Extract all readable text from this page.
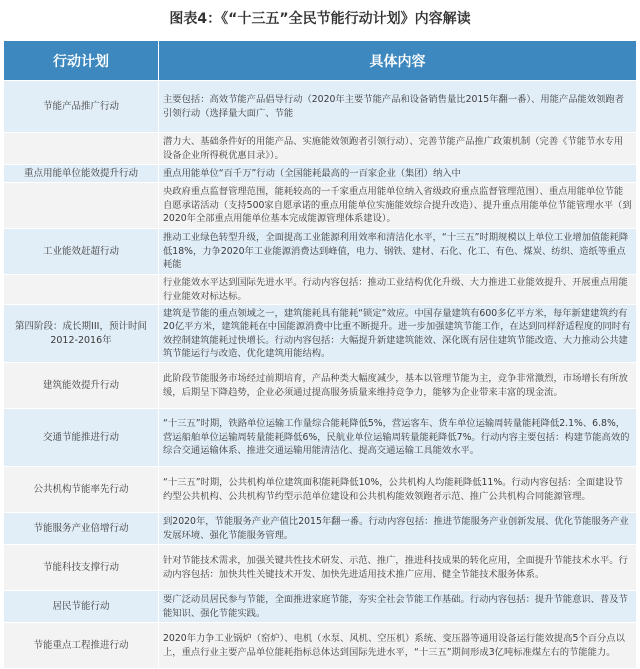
图表4：《“十三五”全民节能行动计划》内容解读
行动计划	具体内容
节能产品推广行动	主要包括：高效节能产品倡导行动（2020年主要节能产品和设备销售量比2015年翻一番）、用能产品能效领跑者引领行动（选择量大面广、节能
	潜力大、基础条件好的用能产品、实施能效领跑者引领行动）、完善节能产品推广政策机制（完善《节能节水专用设备企业所得税优惠目录》）。
重点用能单位能效提升行动	重点用能单位“百千万”行动（全国能耗最高的一百家企业（集团）纳入中
	央政府重点监督管理范围，能耗较高的一千家重点用能单位纳入省级政府重点监督管理范围）、重点用能单位节能自愿承诺活动（支持500家自愿承诺的重点用能单位实施能效综合提升改造）、提升重点用能单位节能管理水平（到2020年全部重点用能单位基本完成能源管理体系建设）。
工业能效赶超行动	推动工业绿色转型升级，全面提高工业能源利用效率和清洁化水平，“十三五”时期规模以上单位工业增加值能耗降低18%，力争2020年工业能源消费达到峰值，电力、钢铁、建材、石化、化工、有色、煤炭、纺织、造纸等重点耗能
	行业能效水平达到国际先进水平。行动内容包括：推动工业结构优化升级、大力推进工业能效提升、开展重点用能行业能效对标达标。
第四阶段：成长期III，预计时间2012-2016年	建筑是节能的重点领域之一，建筑能耗具有能耗“锁定”效应。中国存量建筑有600多亿平方米，每年新建建筑约有20亿平方米，建筑能耗在中国能源消费中比重不断提升。进一步加强建筑节能工作，在达到同样舒适程度的同时有效控制建筑能耗过快增长。行动内容包括：大幅提升新建建筑能效、深化既有居住建筑节能改造、大力推动公共建筑节能运行与改造、优化建筑用能结构。
建筑能效提升行动	此阶段节能服务市场经过前期培育，产品种类大幅度减少，基本以管理节能为主，竞争非常激烈，市场增长有所放缓，后期呈下降趋势，企业必须通过提高服务质量来维持竞争力，能够为企业带来丰富的现金流。
交通节能推进行动	“十三五”时期，铁路单位运输工作量综合能耗降低5%，营运客车、货车单位运输周转量能耗降低2.1%、6.8%，营运船舶单位运输周转量能耗降低6%，民航业单位运输周转量能耗降低7%。行动内容主要包括：构建节能高效的综合交通运输体系、推进交通运输用能清洁化、提高交通运输工具能效水平。
公共机构节能率先行动	“十三五”时期，公共机构单位建筑面积能耗降低10%，公共机构人均能耗降低11%。行动内容包括：全面建设节约型公共机构、公共机构节约型示范单位建设和公共机构能效领跑者示范、推广公共机构合同能源管理。
节能服务产业倍增行动	到2020年，节能服务产业产值比2015年翻一番。行动内容包括：推进节能服务产业创新发展、优化节能服务产业发展环境、强化节能服务管理。
节能科技支撑行动	针对节能技术需求，加强关键共性技术研发、示范、推广，推进科技成果的转化应用，全面提升节能技术水平。行动内容包括：加快共性关键技术开发、加快先进适用技术推广应用、健全节能技术服务体系。
居民节能行动	要广泛动员居民参与节能，全面推进家庭节能，夯实全社会节能工作基础。行动内容包括：提升节能意识、普及节能知识、强化节能实践。
节能重点工程推进行动	2020年力争工业锅炉（窑炉）、电机（水泵、风机、空压机）系统、变压器等通用设备运行能效提高5个百分点以上，重点行业主要产品单位能耗指标总体达到国际先进水平，“十三五”期间形成3亿吨标准煤左右的节能能力。
